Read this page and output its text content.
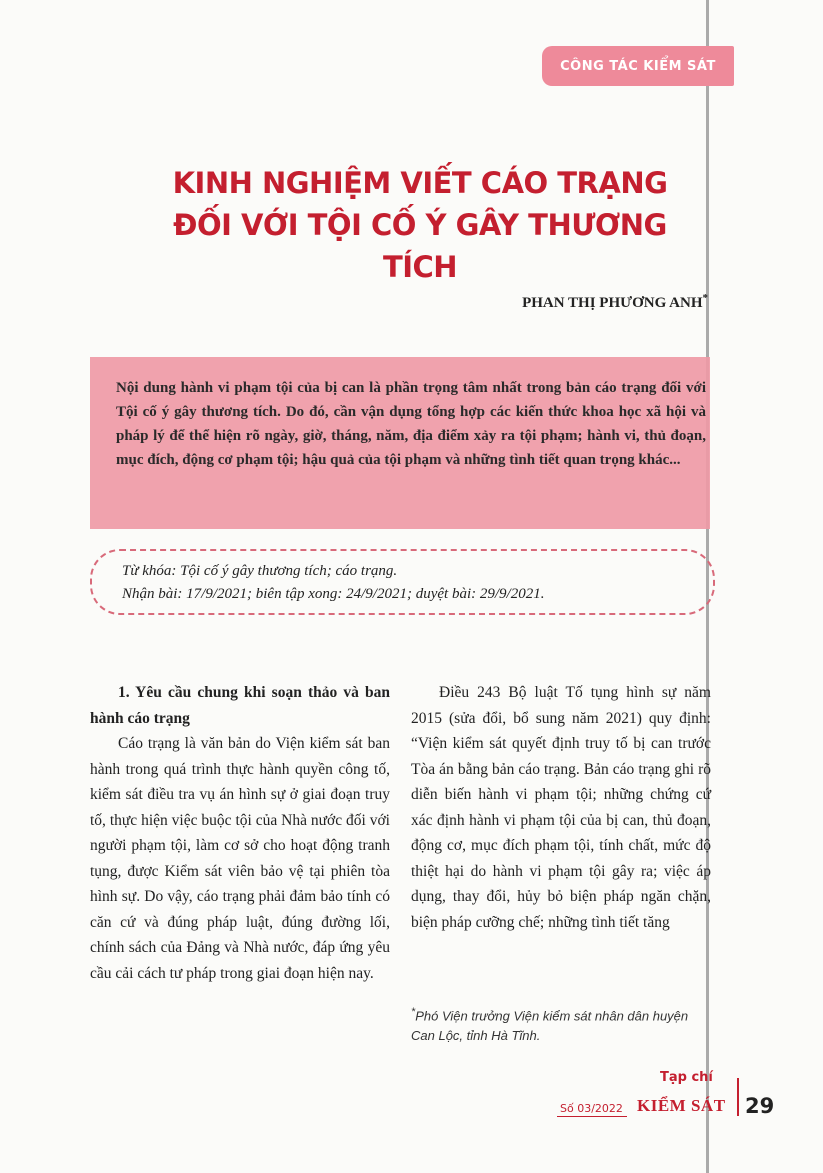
CÔNG TÁC KIỂM SÁT
KINH NGHIỆM VIẾT CÁO TRẠNG
ĐỐI VỚI TỘI CỐ Ý GÂY THƯƠNG TÍCH
PHAN THỊ PHƯƠNG ANH*
Nội dung hành vi phạm tội của bị can là phần trọng tâm nhất trong bản cáo trạng đối với Tội cố ý gây thương tích. Do đó, cần vận dụng tổng hợp các kiến thức khoa học xã hội và pháp lý để thể hiện rõ ngày, giờ, tháng, năm, địa điểm xảy ra tội phạm; hành vi, thủ đoạn, mục đích, động cơ phạm tội; hậu quả của tội phạm và những tình tiết quan trọng khác...
Từ khóa: Tội cố ý gây thương tích; cáo trạng.
Nhận bài: 17/9/2021; biên tập xong: 24/9/2021; duyệt bài: 29/9/2021.
1. Yêu cầu chung khi soạn thảo và ban hành cáo trạng

Cáo trạng là văn bản do Viện kiểm sát ban hành trong quá trình thực hành quyền công tố, kiểm sát điều tra vụ án hình sự ở giai đoạn truy tố, thực hiện việc buộc tội của Nhà nước đối với người phạm tội, làm cơ sở cho hoạt động tranh tụng, được Kiểm sát viên bảo vệ tại phiên tòa hình sự. Do vậy, cáo trạng phải đảm bảo tính có căn cứ và đúng pháp luật, đúng đường lối, chính sách của Đảng và Nhà nước, đáp ứng yêu cầu cải cách tư pháp trong giai đoạn hiện nay.

Điều 243 Bộ luật Tố tụng hình sự năm 2015 (sửa đổi, bổ sung năm 2021) quy định: “Viện kiểm sát quyết định truy tố bị can trước Tòa án bằng bản cáo trạng. Bản cáo trạng ghi rõ diễn biến hành vi phạm tội; những chứng cứ xác định hành vi phạm tội của bị can, thủ đoạn, động cơ, mục đích phạm tội, tính chất, mức độ thiệt hại do hành vi phạm tội gây ra; việc áp dụng, thay đổi, hủy bỏ biện pháp ngăn chặn, biện pháp cưỡng chế; những tình tiết tăng

*Phó Viện trưởng Viện kiểm sát nhân dân huyện Can Lộc, tỉnh Hà Tĩnh.
Tạp chí
Số 03/2022 KIỂM SÁT 29
